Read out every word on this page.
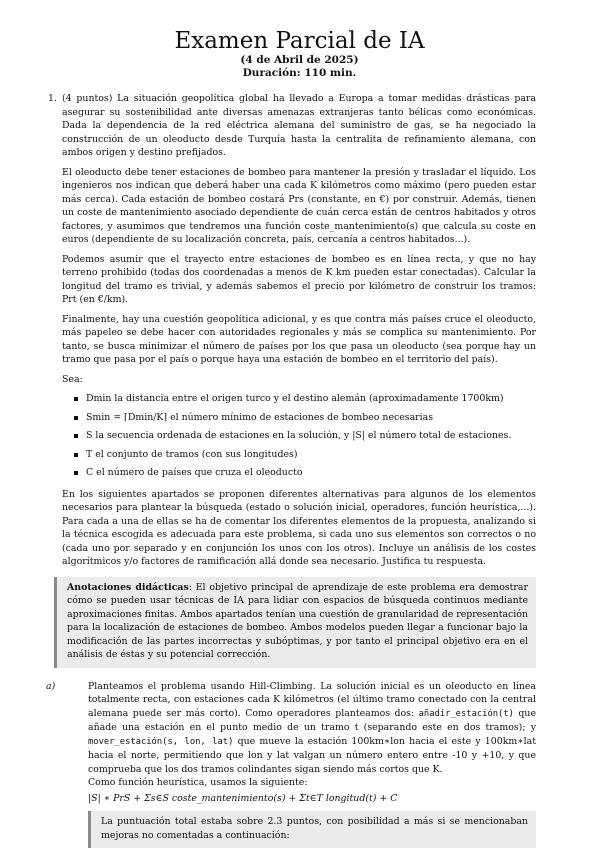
Examen Parcial de IA
(4 de Abril de 2025)
Duración: 110 min.
1. (4 puntos) La situación geopolítica global ha llevado a Europa a tomar medidas drásticas para asegurar su sostenibilidad ante diversas amenazas extranjeras tanto bélicas como económicas. Dada la dependencia de la red eléctrica alemana del suministro de gas, se ha negociado la construcción de un oleoducto desde Turquía hasta la centralita de refinamiento alemana, con ambos origen y destino prefijados.

El oleoducto debe tener estaciones de bombeo para mantener la presión y trasladar el líquido. Los ingenieros nos indican que deberá haber una cada K kilómetros como máximo (pero pueden estar más cerca). Cada estación de bombeo costará Prs (constante, en €) por construir. Además, tienen un coste de mantenimiento asociado dependiente de cuán cerca están de centros habitados y otros factores, y asumimos que tendremos una función coste_mantenimiento(s) que calcula su coste en euros (dependiente de su localización concreta, país, cercanía a centros habitados...).

Podemos asumir que el trayecto entre estaciones de bombeo es en línea recta, y que no hay terreno prohibido (todas dos coordenadas a menos de K km pueden estar conectadas). Calcular la longitud del tramo es trivial, y además sabemos el precio por kilómetro de construir los tramos: Prt (en €/km).

Finalmente, hay una cuestión geopolítica adicional, y es que contra más países cruce el oleoducto, más papeleo se debe hacer con autoridades regionales y más se complica su mantenimiento. Por tanto, se busca minimizar el número de países por los que pasa un oleoducto (sea porque hay un tramo que pasa por el país o porque haya una estación de bombeo en el territorio del país).

Sea:

Dmin la distancia entre el origen turco y el destino alemán (aproximadamente 1700km)
Smin = ⌈Dmin/K⌉ el número mínimo de estaciones de bombeo necesarias
S la secuencia ordenada de estaciones en la solución, y |S| el número total de estaciones.
T el conjunto de tramos (con sus longitudes)
C el número de países que cruza el oleoducto

En los siguientes apartados se proponen diferentes alternativas para algunos de los elementos necesarios para plantear la búsqueda (estado o solución inicial, operadores, función heurística,...). Para cada a una de ellas se ha de comentar los diferentes elementos de la propuesta, analizando si la técnica escogida es adecuada para este problema, si cada uno sus elementos son correctos o no (cada uno por separado y en conjunción los unos con los otros). Incluye un análisis de los costes algorítmicos y/o factores de ramificación allá donde sea necesario. Justifica tu respuesta.

Anotaciones didácticas: El objetivo principal de aprendizaje de este problema era demostrar cómo se pueden usar técnicas de IA para lidiar con espacios de búsqueda continuos mediante aproximaciones finitas. Ambos apartados tenían una cuestión de granularidad de representación para la localización de estaciones de bombeo. Ambos modelos pueden llegar a funcionar bajo la modificación de las partes incorrectas y subóptimas, y por tanto el principal objetivo era en el análisis de éstas y su potencial corrección.
a)	Planteamos el problema usando Hill-Climbing. La solución inicial es un oleoducto en línea totalmente recta, con estaciones cada K kilómetros (el último tramo conectado con la central alemana puede ser más corto). Como operadores planteamos dos: añadir_estación(t) que añade una estación en el punto medio de un tramo t (separando este en dos tramos); y mover_estación(s, lon, lat) que mueve la estación 100km∗lon hacia el este y 100km∗lat hacia el norte, permitiendo que lon y lat valgan un número entero entre -10 y +10, y que comprueba que los dos tramos colindantes sigan siendo más cortos que K.
Como función heurística, usamos la siguiente:
|S| ∗ PrS + Σs∈S coste_mantenimiento(s) + Σt∈T longitud(t) + C
La puntuación total estaba sobre 2.3 puntos, con posibilidad a más si se mencionaban mejoras no comentadas a continuación:
